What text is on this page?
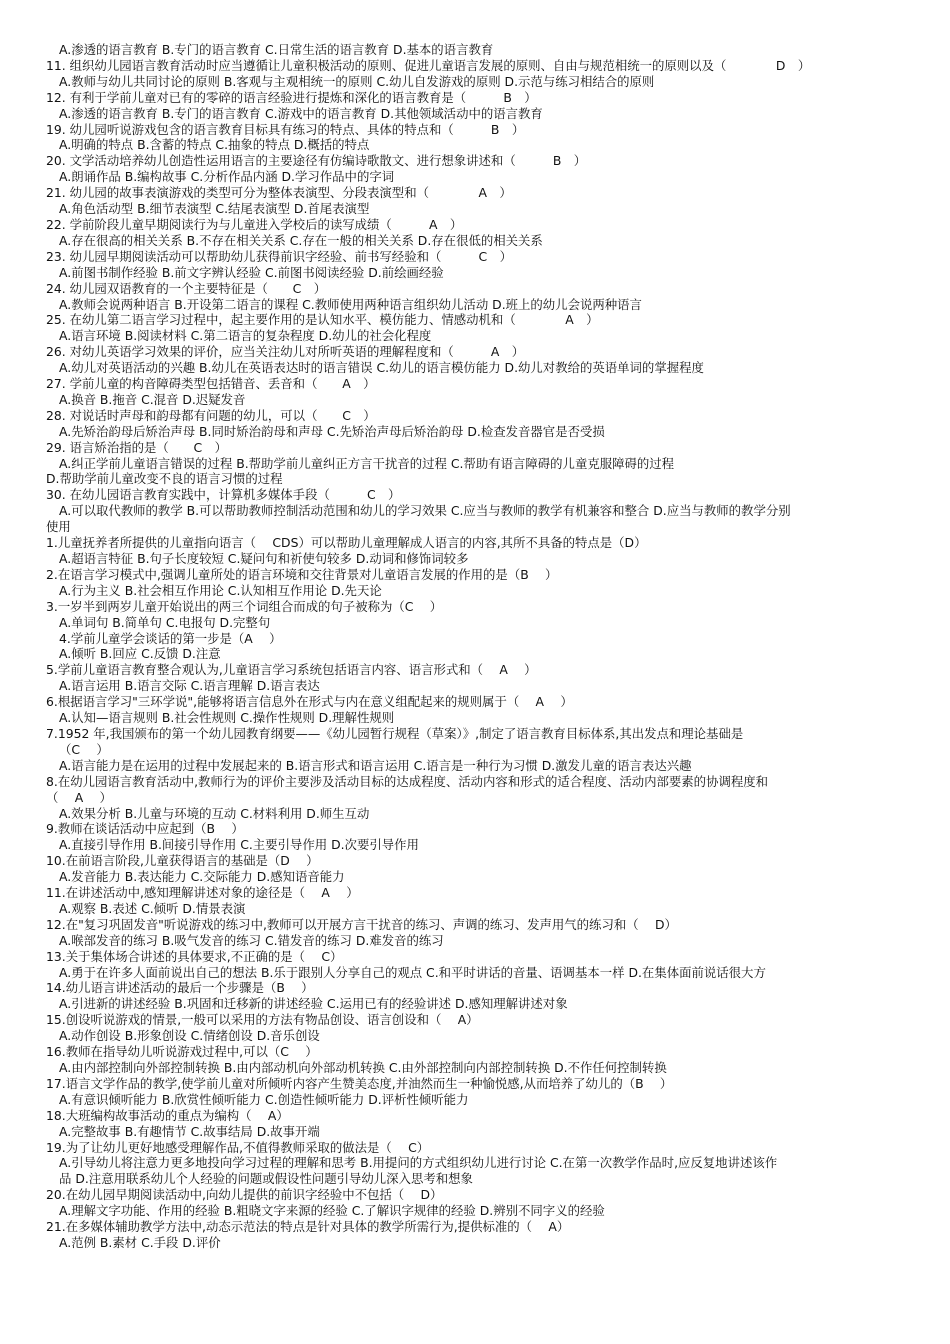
A.渗透的语言教育 B.专门的语言教育 C.日常生活的语言教育 D.基本的语言教育
11. 组织幼儿园语言教育活动时应当遵循让儿童积极活动的原则、促进儿童语言发展的原则、自由与规范相统一的原则以及（　　　　D　）
A.教师与幼儿共同讨论的原则 B.客观与主观相统一的原则 C.幼儿自发游戏的原则 D.示范与练习相结合的原则
12. 有利于学前儿童对已有的零碎的语言经验进行提炼和深化的语言教育是（　　　B　）
A.渗透的语言教育 B.专门的语言教育 C.游戏中的语言教育 D.其他领域活动中的语言教育
19. 幼儿园听说游戏包含的语言教育目标具有练习的特点、具体的特点和（　　　B　）
A.明确的特点 B.含蓄的特点 C.抽象的特点 D.概括的特点
20. 文学活动培养幼儿创造性运用语言的主要途径有仿编诗歌散文、进行想象讲述和（　　　B　）
A.朗诵作品 B.编构故事 C.分析作品内涵 D.学习作品中的字词
21. 幼儿园的故事表演游戏的类型可分为整体表演型、分段表演型和（　　　　A　）
A.角色活动型 B.细节表演型 C.结尾表演型 D.首尾表演型
22. 学前阶段儿童早期阅读行为与儿童进入学校后的读写成绩（　　　A　）
A.存在很高的相关关系 B.不存在相关关系 C.存在一般的相关关系 D.存在很低的相关关系
23. 幼儿园早期阅读活动可以帮助幼儿获得前识字经验、前书写经验和（　　　C　）
A.前图书制作经验 B.前文字辨认经验 C.前图书阅读经验 D.前绘画经验
24. 幼儿园双语教育的一个主要特征是（　　C　）
A.教师会说两种语言 B.开设第二语言的课程 C.教师使用两种语言组织幼儿活动 D.班上的幼儿会说两种语言
25. 在幼儿第二语言学习过程中，起主要作用的是认知水平、模仿能力、情感动机和（　　　　A　）
A.语言环境 B.阅读材料 C.第二语言的复杂程度 D.幼儿的社会化程度
26. 对幼儿英语学习效果的评价，应当关注幼儿对所听英语的理解程度和（　　　A　）
A.幼儿对英语活动的兴趣 B.幼儿在英语表达时的语言错误 C.幼儿的语言模仿能力 D.幼儿对教给的英语单词的掌握程度
27. 学前儿童的构音障碍类型包括错音、丢音和（　　A　）
A.换音 B.拖音 C.混音 D.迟疑发音
28. 对说话时声母和韵母都有问题的幼儿，可以（　　C　）
A.先矫治韵母后矫治声母 B.同时矫治韵母和声母 C.先矫治声母后矫治韵母 D.检查发音器官是否受损
29. 语言矫治指的是（　　C　）
A.纠正学前儿童语言错误的过程 B.帮助学前儿童纠正方言干扰音的过程 C.帮助有语言障碍的儿童克服障碍的过程
D.帮助学前儿童改变不良的语言习惯的过程
30. 在幼儿园语言教育实践中，计算机多媒体手段（　　　C　）
A.可以取代教师的教学 B.可以帮助教师控制活动范围和幼儿的学习效果 C.应当与教师的教学有机兼容和整合 D.应当与教师的教学分别
使用
1.儿童抚养者所提供的儿童指向语言（　 CDS）可以帮助儿童理解成人语言的内容,其所不具备的特点是（D）
A.超语言特征 B.句子长度较短 C.疑问句和祈使句较多 D.动词和修饰词较多
2.在语言学习模式中,强调儿童所处的语言环境和交往背景对儿童语言发展的作用的是（B　 ）
A.行为主义 B.社会相互作用论 C.认知相互作用论 D.先天论
3.一岁半到两岁儿童开始说出的两三个词组合而成的句子被称为（C　 ）
A.单词句 B.简单句 C.电报句 D.完整句
4.学前儿童学会谈话的第一步是（A　 ）
A.倾听 B.回应 C.反馈 D.注意
5.学前儿童语言教育整合观认为,儿童语言学习系统包括语言内容、语言形式和（　 A　 ）
A.语言运用 B.语言交际 C.语言理解 D.语言表达
6.根据语言学习"三环学说",能够将语言信息外在形式与内在意义组配起来的规则属于（　 A　 ）
A.认知—语言规则 B.社会性规则 C.操作性规则 D.理解性规则
7.1952 年,我国颁布的第一个幼儿园教育纲要——《幼儿园暂行规程（草案）》,制定了语言教育目标体系,其出发点和理论基础是
（C　 ）
A.语言能力是在运用的过程中发展起来的 B.语言形式和语言运用 C.语言是一种行为习惯 D.激发儿童的语言表达兴趣
8.在幼儿园语言教育活动中,教师行为的评价主要涉及活动目标的达成程度、活动内容和形式的适合程度、活动内部要素的协调程度和
（　 A　 ）
A.效果分析 B.儿童与环境的互动 C.材料利用 D.师生互动
9.教师在谈话活动中应起到（B　 ）
A.直接引导作用 B.间接引导作用 C.主要引导作用 D.次要引导作用
10.在前语言阶段,儿童获得语言的基础是（D　 ）
A.发音能力 B.表达能力 C.交际能力 D.感知语音能力
11.在讲述活动中,感知理解讲述对象的途径是（　 A　 ）
A.观察 B.表述 C.倾听 D.情景表演
12.在"复习巩固发音"听说游戏的练习中,教师可以开展方言干扰音的练习、声调的练习、发声用气的练习和（　 D）
A.喉部发音的练习 B.吸气发音的练习 C.错发音的练习 D.难发音的练习
13.关于集体场合讲述的具体要求,不正确的是（　 C）
A.勇于在许多人面前说出自己的想法 B.乐于跟别人分享自己的观点 C.和平时讲话的音量、语调基本一样 D.在集体面前说话很大方
14.幼儿语言讲述活动的最后一个步骤是（B　 ）
A.引进新的讲述经验 B.巩固和迁移新的讲述经验 C.运用已有的经验讲述 D.感知理解讲述对象
15.创设听说游戏的情景,一般可以采用的方法有物品创设、语言创设和（　 A）
A.动作创设 B.形象创设 C.情绪创设 D.音乐创设
16.教师在指导幼儿听说游戏过程中,可以（C　 ）
A.由内部控制向外部控制转换 B.由内部动机向外部动机转换 C.由外部控制向内部控制转换 D.不作任何控制转换
17.语言文学作品的教学,使学前儿童对所倾听内容产生赞美态度,并油然而生一种愉悦感,从而培养了幼儿的（B　 ）
A.有意识倾听能力 B.欣赏性倾听能力 C.创造性倾听能力 D.评析性倾听能力
18.大班编构故事活动的重点为编构（　 A）
A.完整故事 B.有趣情节 C.故事结局 D.故事开端
19.为了让幼儿更好地感受理解作品,不值得教师采取的做法是（　 C）
A.引导幼儿将注意力更多地投向学习过程的理解和思考 B.用提问的方式组织幼儿进行讨论 C.在第一次教学作品时,应反复地讲述该作
品 D.注意用联系幼儿个人经验的问题或假设性问题引导幼儿深入思考和想象
20.在幼儿园早期阅读活动中,向幼儿提供的前识字经验中不包括（　 D）
A.理解文字功能、作用的经验 B.粗晓文字来源的经验 C.了解识字规律的经验 D.辨别不同字义的经验
21.在多媒体辅助教学方法中,动态示范法的特点是针对具体的教学所需行为,提供标准的（　 A）
A.范例 B.素材 C.手段 D.评价
